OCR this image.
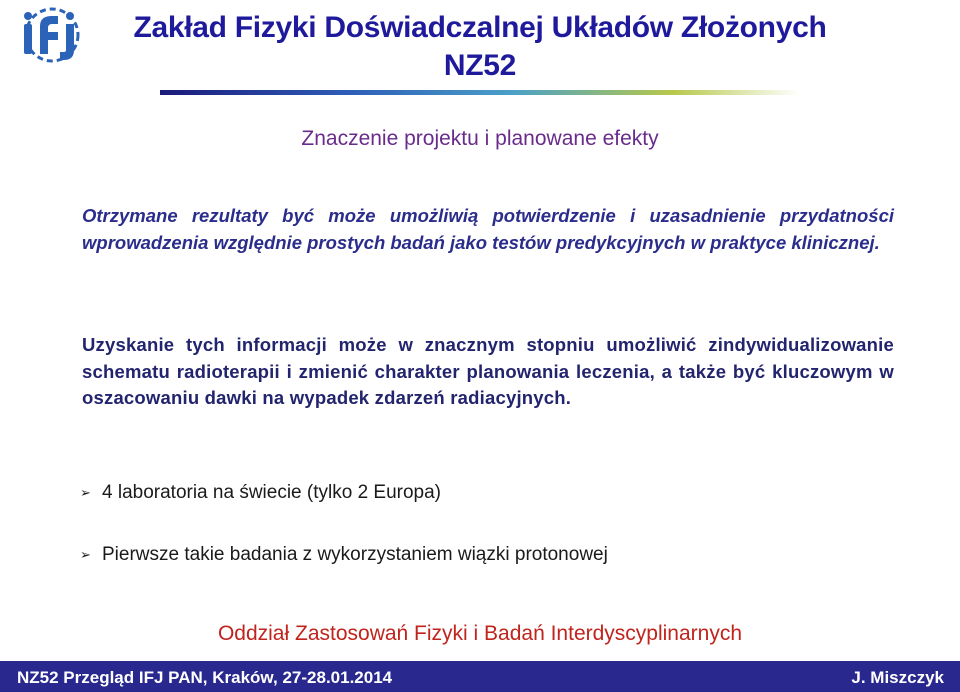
Zakład Fizyki Doświadczalnej Układów Złożonych
NZ52
Znaczenie projektu i planowane efekty
Otrzymane rezultaty być może umożliwią potwierdzenie i uzasadnienie przydatności wprowadzenia względnie prostych badań jako testów predykcyjnych w praktyce klinicznej.
Uzyskanie tych informacji może w znacznym stopniu umożliwić zindywidualizowanie schematu radioterapii i zmienić charakter planowania leczenia, a także być kluczowym w oszacowaniu dawki na wypadek zdarzeń radiacyjnych.
➢ 4 laboratoria na świecie (tylko 2 Europa)
➢ Pierwsze takie badania z wykorzystaniem wiązki protonowej
Oddział Zastosowań Fizyki i Badań Interdyscyplinarnych
NZ52 Przegląd IFJ PAN, Kraków, 27-28.01.2014	J. Miszczyk
